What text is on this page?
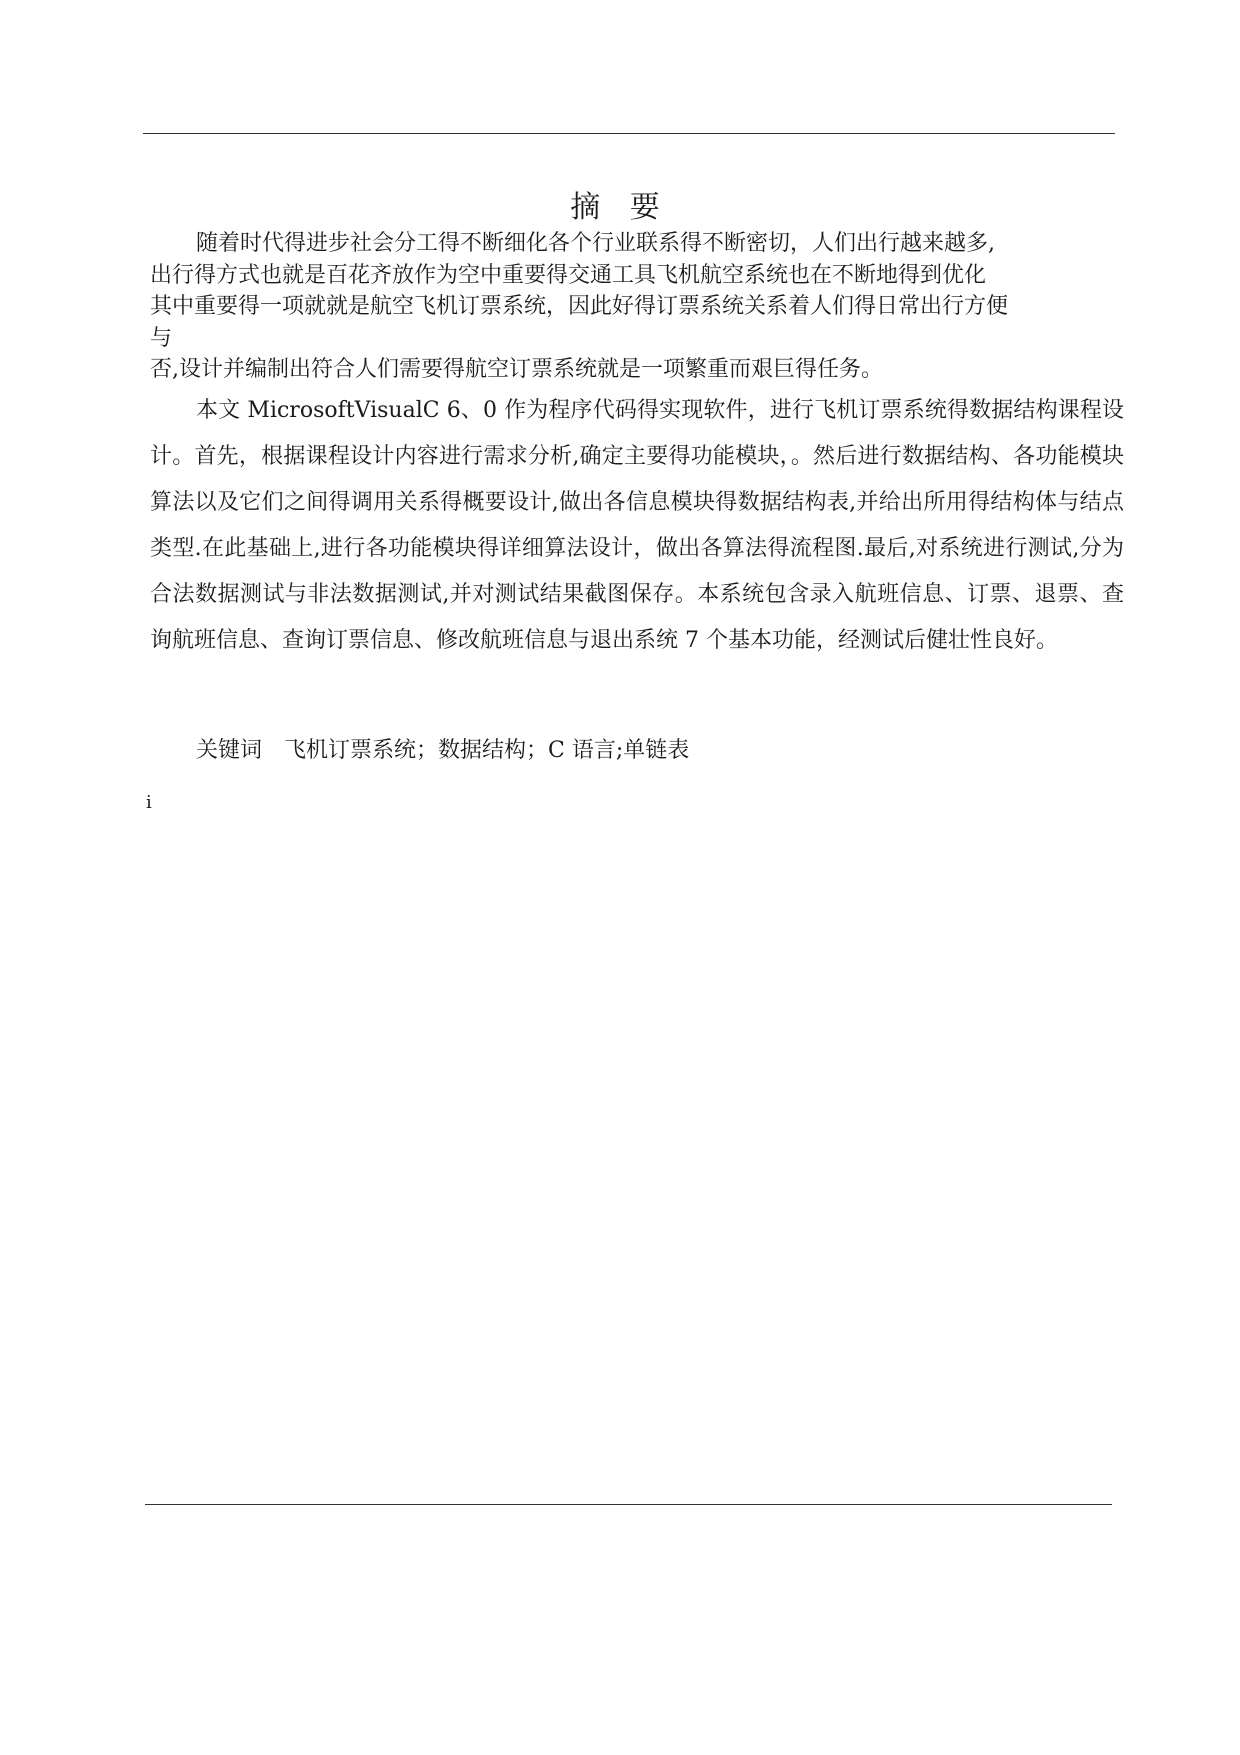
摘 要
随着时代得进步社会分工得不断细化各个行业联系得不断密切，人们出行越来越多,
出行得方式也就是百花齐放作为空中重要得交通工具飞机航空系统也在不断地得到优化
其中重要得一项就就是航空飞机订票系统，因此好得订票系统关系着人们得日常出行方便
与
否,设计并编制出符合人们需要得航空订票系统就是一项繁重而艰巨得任务。
本文 MicrosoftVisualC 6、0 作为程序代码得实现软件，进行飞机订票系统得数据结构课程设计。首先，根据课程设计内容进行需求分析,确定主要得功能模块，。然后进行数据结构、各功能模块算法以及它们之间得调用关系得概要设计,做出各信息模块得数据结构表,并给出所用得结构体与结点类型.在此基础上,进行各功能模块得详细算法设计，做出各算法得流程图.最后,对系统进行测试,分为合法数据测试与非法数据测试,并对测试结果截图保存。本系统包含录入航班信息、订票、退票、查询航班信息、查询订票信息、修改航班信息与退出系统 7 个基本功能，经测试后健壮性良好。
关键词 飞机订票系统；数据结构；C 语言;单链表
i
